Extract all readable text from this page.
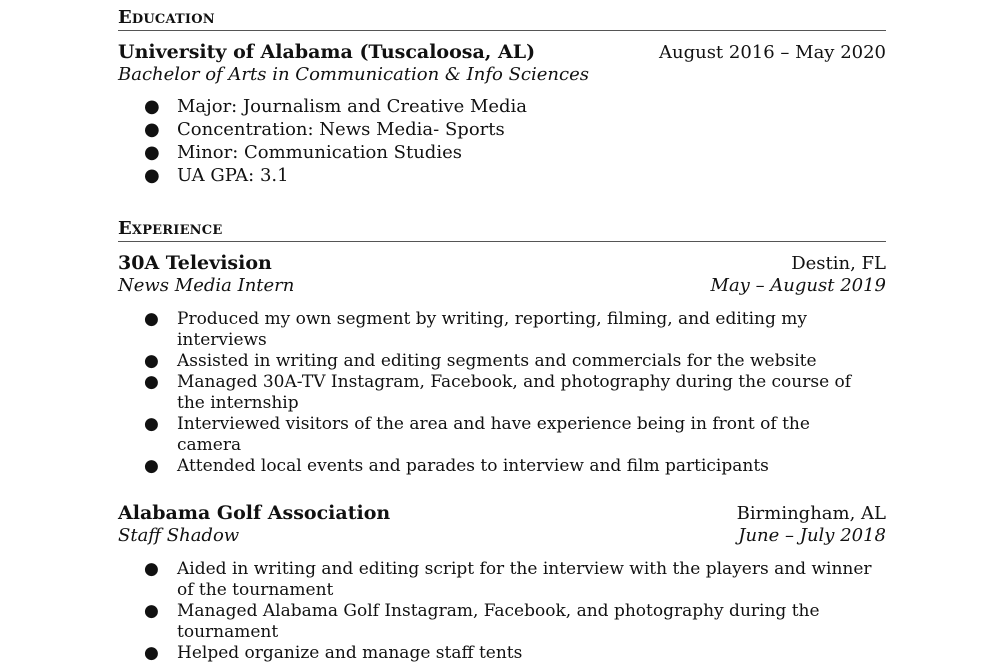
Education
University of Alabama (Tuscaloosa, AL)	August 2016 – May 2020
Bachelor of Arts in Communication & Info Sciences
● Major: Journalism and Creative Media
● Concentration: News Media- Sports
● Minor: Communication Studies
● UA GPA: 3.1
Experience
30A Television	Destin, FL
News Media Intern	May – August 2019
● Produced my own segment by writing, reporting, filming, and editing my interviews
● Assisted in writing and editing segments and commercials for the website
● Managed 30A-TV Instagram, Facebook, and photography during the course of the internship
● Interviewed visitors of the area and have experience being in front of the camera
● Attended local events and parades to interview and film participants
Alabama Golf Association	Birmingham, AL
Staff Shadow	June – July 2018
● Aided in writing and editing script for the interview with the players and winner of the tournament
● Managed Alabama Golf Instagram, Facebook, and photography during the tournament
● Helped organize and manage staff tents
